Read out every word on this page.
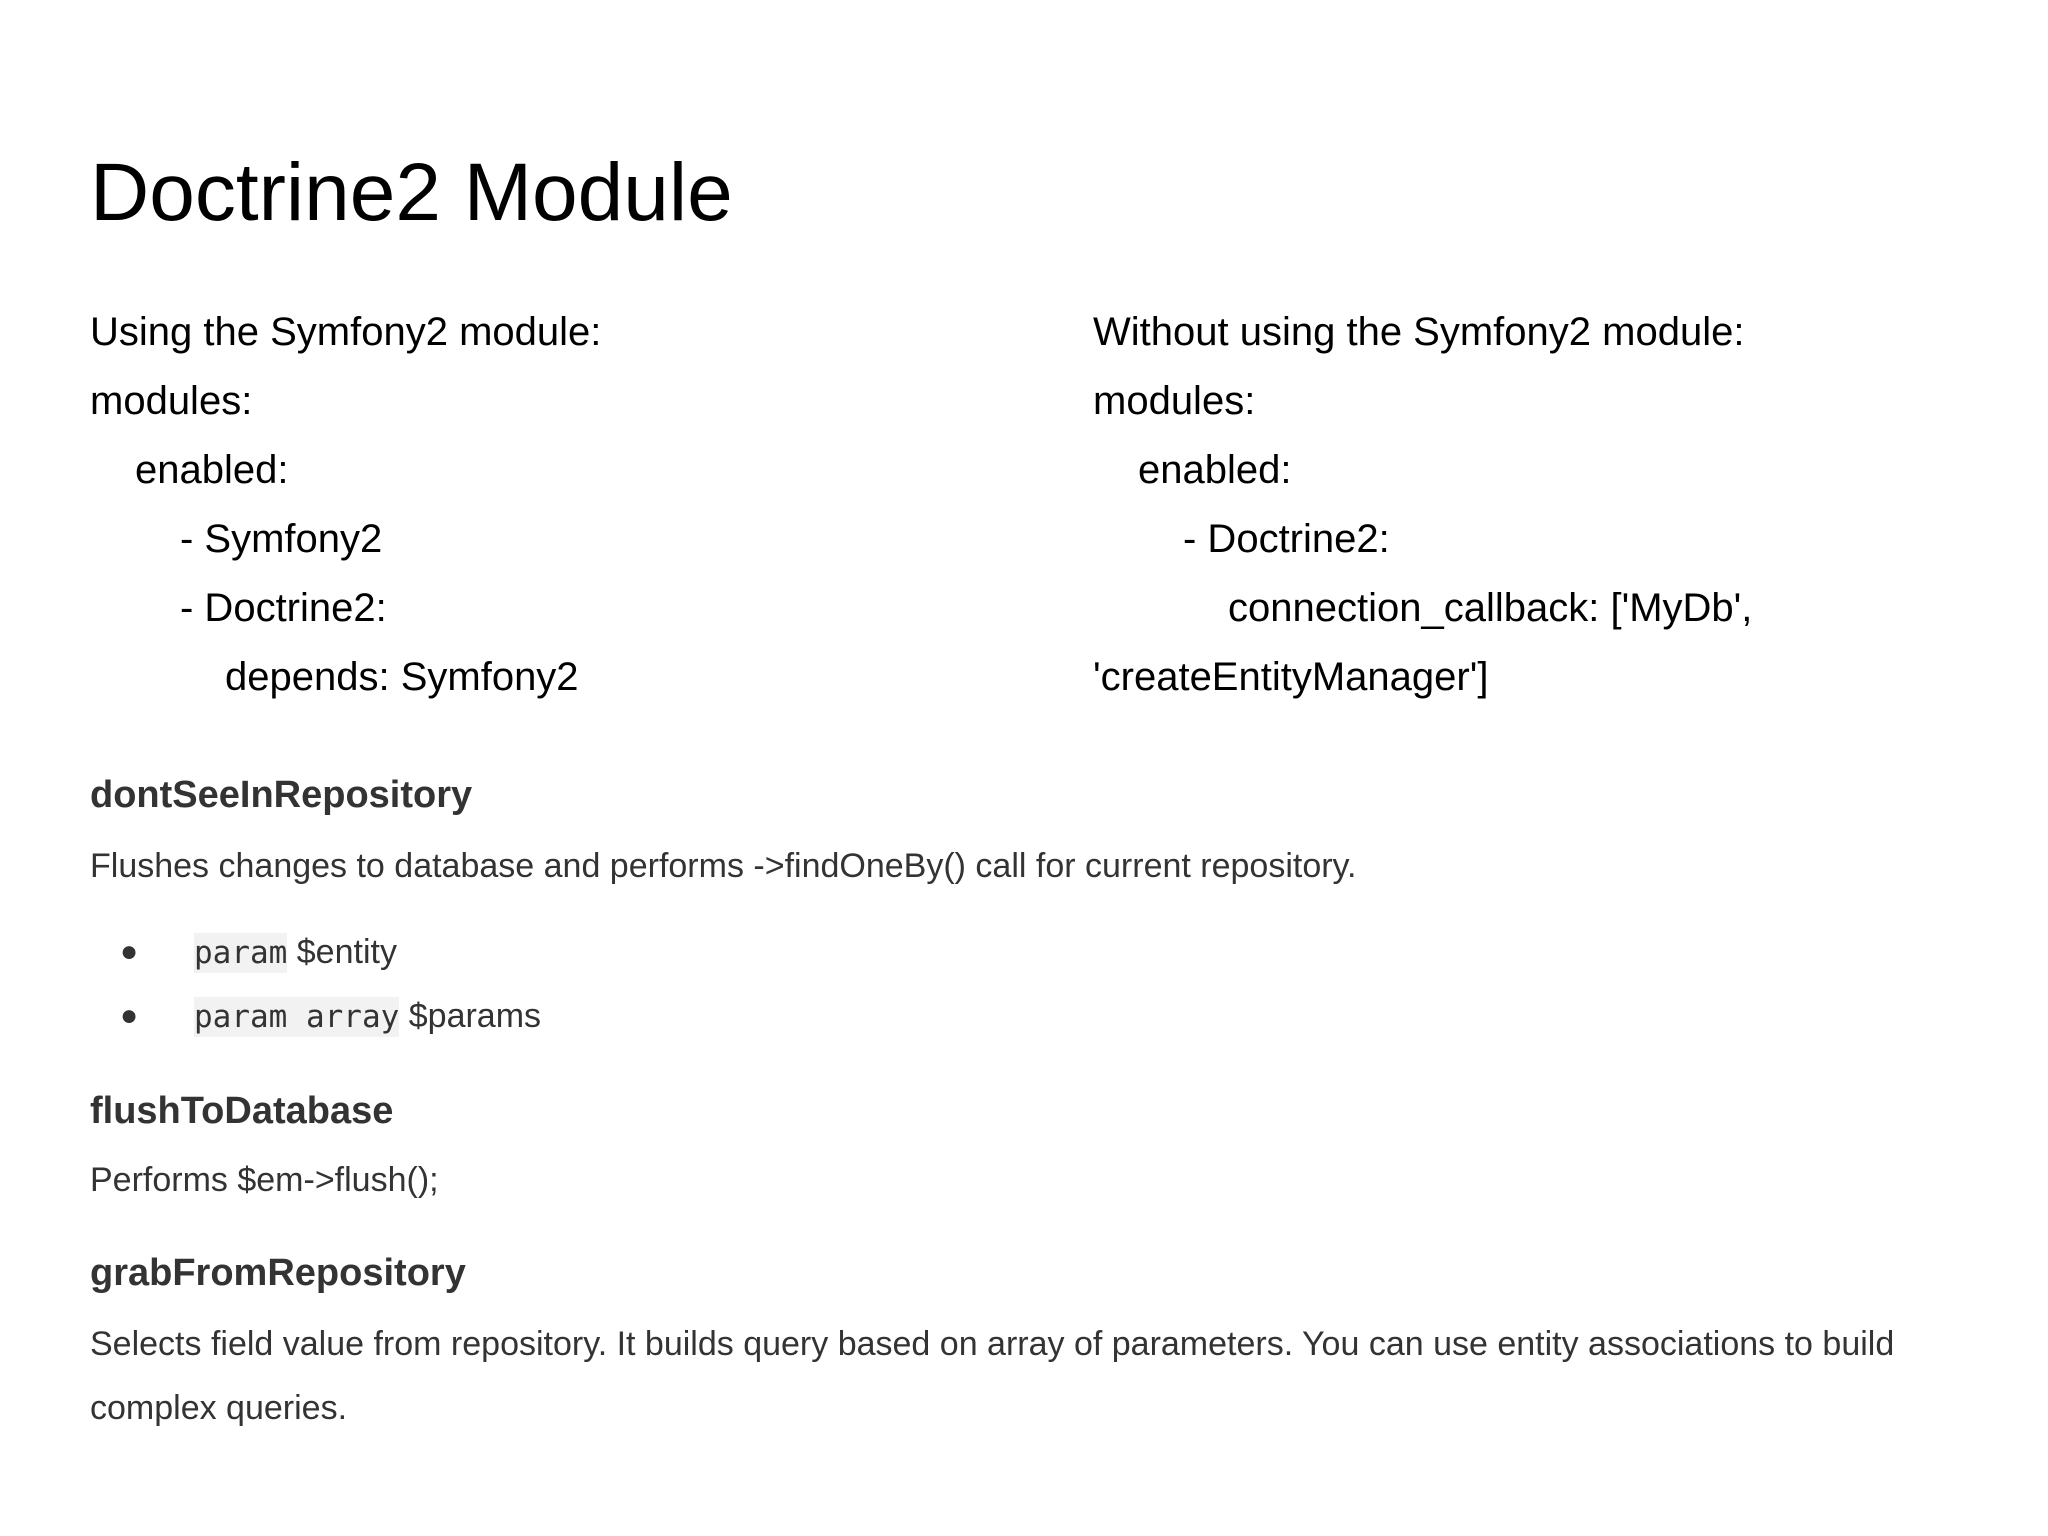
Doctrine2 Module
Using the Symfony2 module:
modules:
enabled:
- Symfony2
- Doctrine2:
depends: Symfony2
Without using the Symfony2 module:
modules:
enabled:
- Doctrine2:
connection_callback: ['MyDb',
'createEntityManager']
dontSeeInRepository

Flushes changes to database and performs ->findOneBy() call for current repository.

● param $entity
● param array $params
flushToDatabase

Performs $em->flush();

grabFromRepository

Selects field value from repository. It builds query based on array of parameters. You can use entity associations to build complex queries.
